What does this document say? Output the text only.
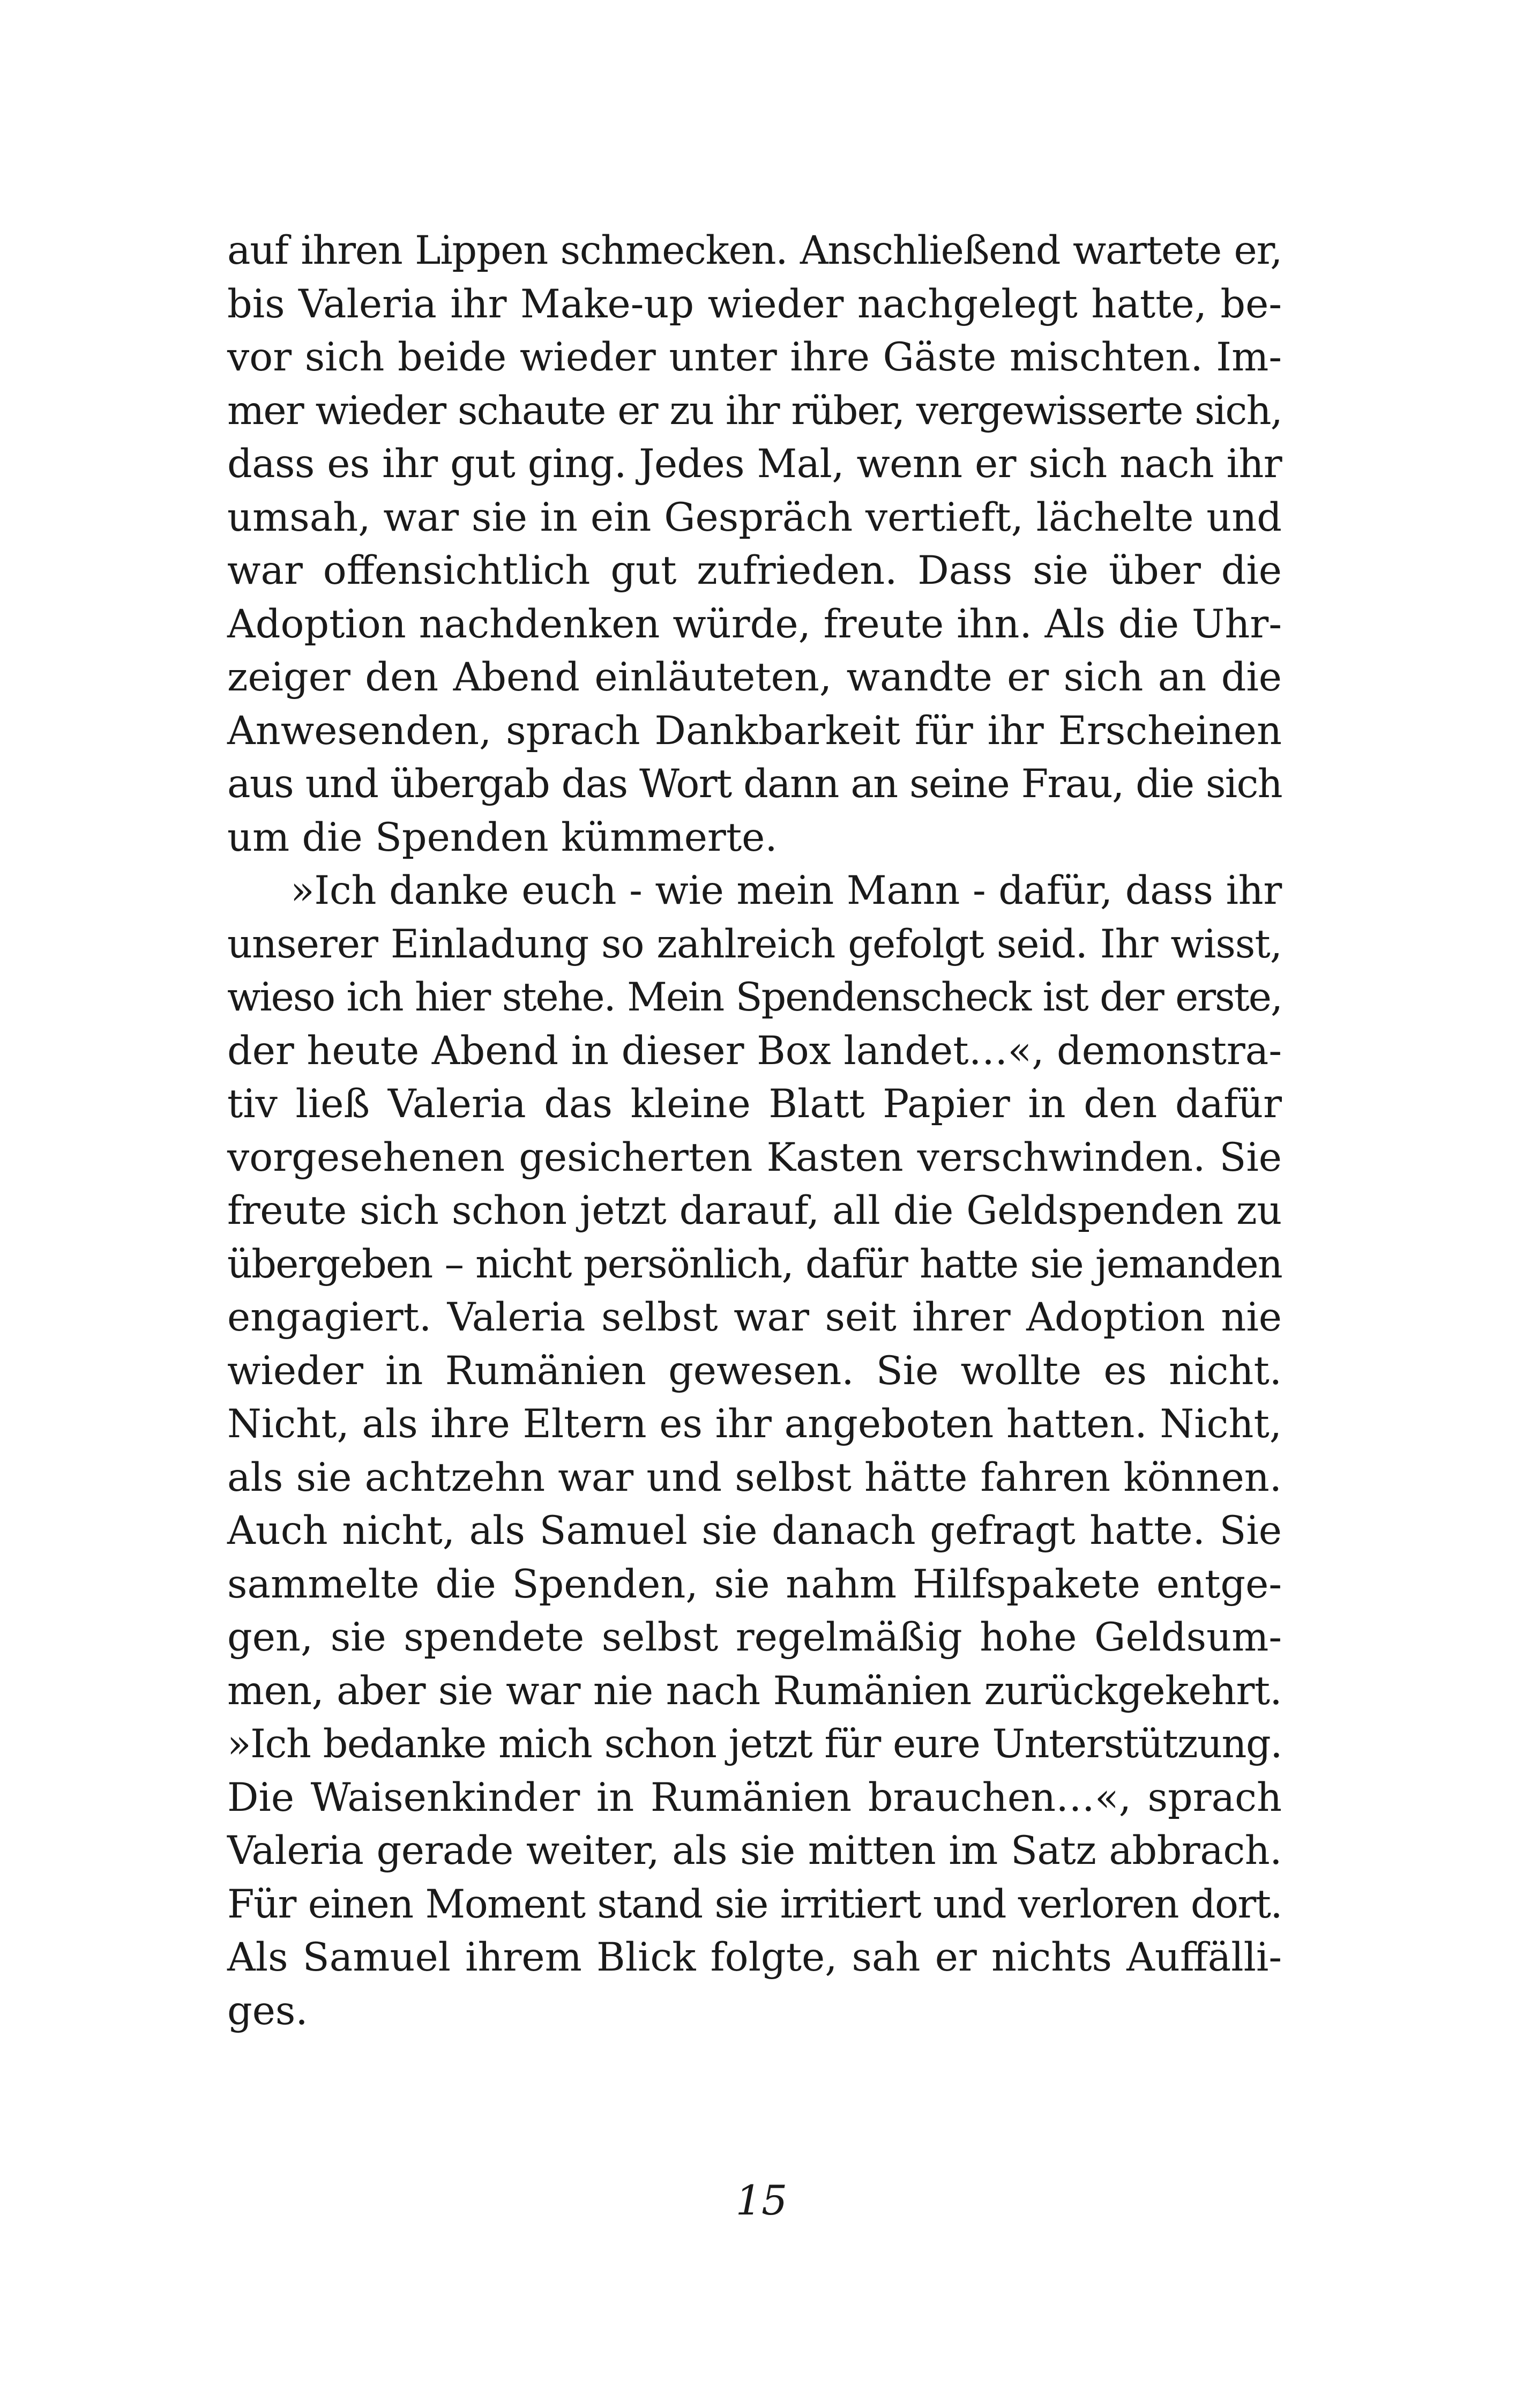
auf ihren Lippen schmecken. Anschließend wartete er,
bis Valeria ihr Make-up wieder nachgelegt hatte, be-
vor sich beide wieder unter ihre Gäste mischten. Im-
mer wieder schaute er zu ihr rüber, vergewisserte sich,
dass es ihr gut ging. Jedes Mal, wenn er sich nach ihr
umsah, war sie in ein Gespräch vertieft, lächelte und
war offensichtlich gut zufrieden. Dass sie über die
Adoption nachdenken würde, freute ihn. Als die Uhr-
zeiger den Abend einläuteten, wandte er sich an die
Anwesenden, sprach Dankbarkeit für ihr Erscheinen
aus und übergab das Wort dann an seine Frau, die sich
um die Spenden kümmerte.
»Ich danke euch - wie mein Mann - dafür, dass ihr
unserer Einladung so zahlreich gefolgt seid. Ihr wisst,
wieso ich hier stehe. Mein Spendenscheck ist der erste,
der heute Abend in dieser Box landet…«, demonstra-
tiv ließ Valeria das kleine Blatt Papier in den dafür
vorgesehenen gesicherten Kasten verschwinden. Sie
freute sich schon jetzt darauf, all die Geldspenden zu
übergeben – nicht persönlich, dafür hatte sie jemanden
engagiert. Valeria selbst war seit ihrer Adoption nie
wieder in Rumänien gewesen. Sie wollte es nicht.
Nicht, als ihre Eltern es ihr angeboten hatten. Nicht,
als sie achtzehn war und selbst hätte fahren können.
Auch nicht, als Samuel sie danach gefragt hatte. Sie
sammelte die Spenden, sie nahm Hilfspakete entge-
gen, sie spendete selbst regelmäßig hohe Geldsum-
men, aber sie war nie nach Rumänien zurückgekehrt.
»Ich bedanke mich schon jetzt für eure Unterstützung.
Die Waisenkinder in Rumänien brauchen…«, sprach
Valeria gerade weiter, als sie mitten im Satz abbrach.
Für einen Moment stand sie irritiert und verloren dort.
Als Samuel ihrem Blick folgte, sah er nichts Auffälli-
ges.
15
